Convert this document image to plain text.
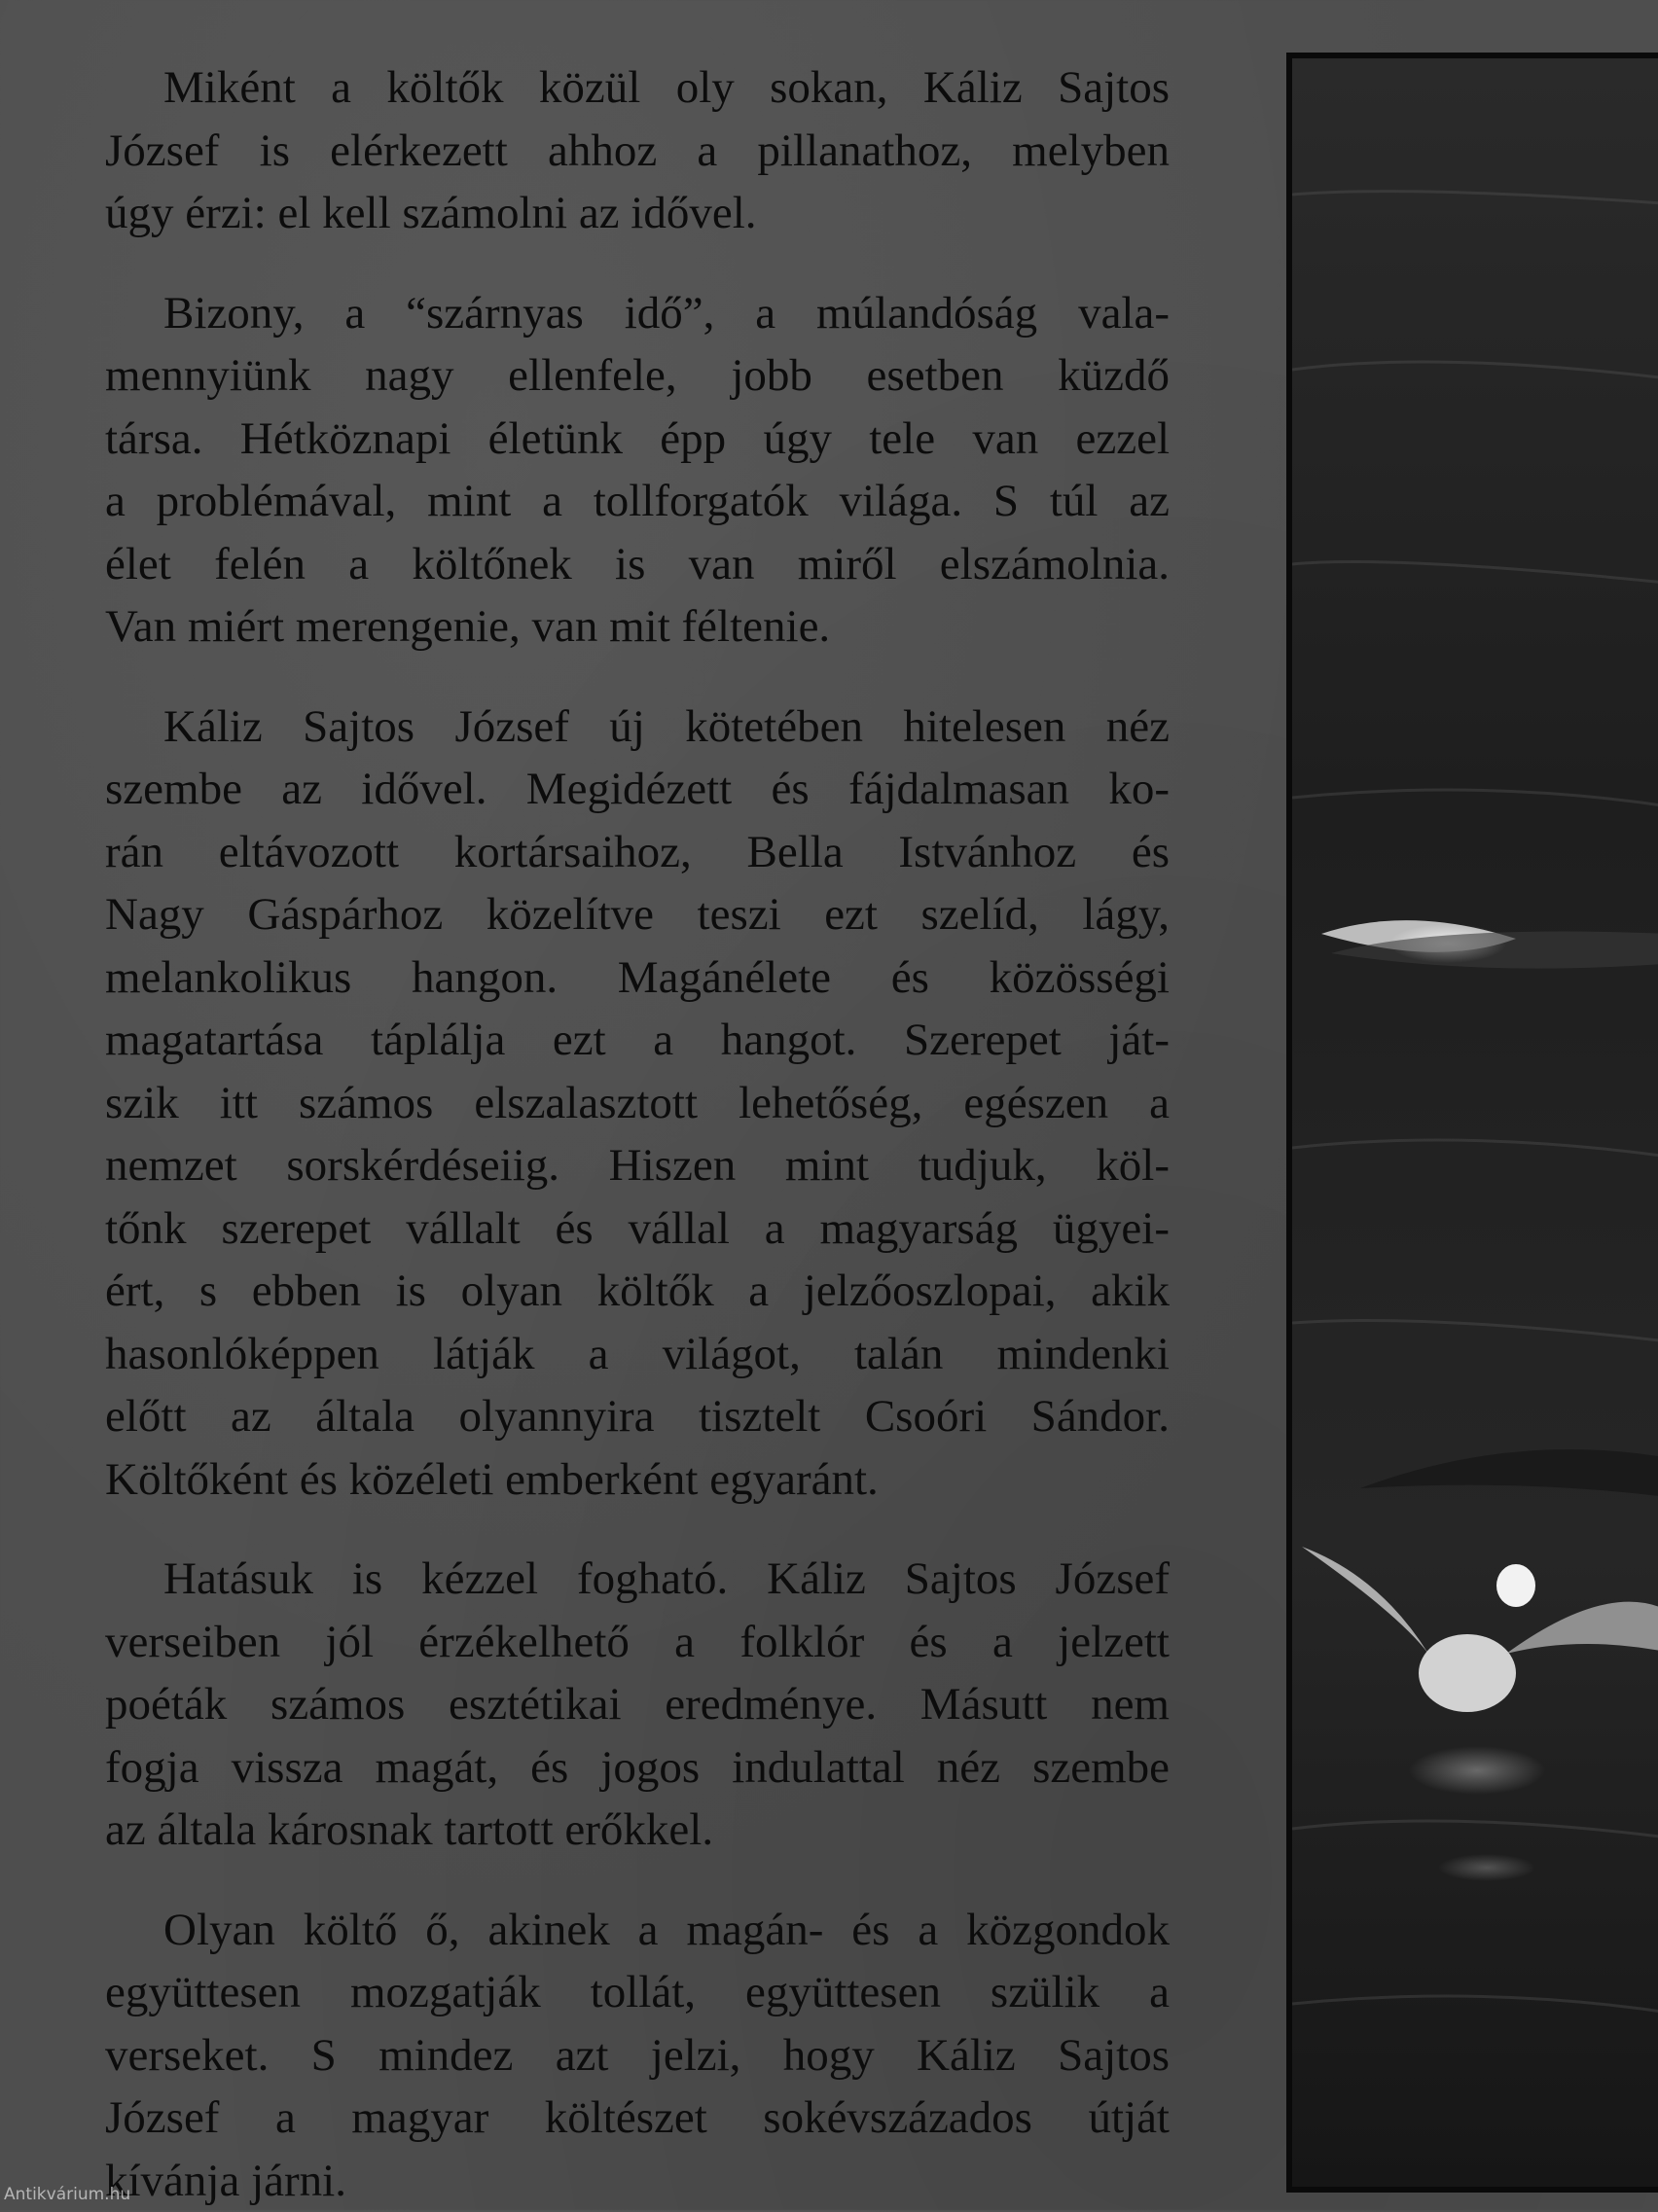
Miként a költők közül oly sokan, Káliz Sajtos
József is elérkezett ahhoz a pillanathoz, melyben
úgy érzi: el kell számolni az idővel.
Bizony, a “szárnyas idő”, a múlandóság vala-
mennyiünk nagy ellenfele, jobb esetben küzdő
társa. Hétköznapi életünk épp úgy tele van ezzel
a problémával, mint a tollforgatók világa. S túl az
élet felén a költőnek is van miről elszámolnia.
Van miért merengenie, van mit féltenie.
Káliz Sajtos József új kötetében hitelesen néz
szembe az idővel. Megidézett és fájdalmasan ko-
rán eltávozott kortársaihoz, Bella Istvánhoz és
Nagy Gáspárhoz közelítve teszi ezt szelíd, lágy,
melankolikus hangon. Magánélete és közösségi
magatartása táplálja ezt a hangot. Szerepet ját-
szik itt számos elszalasztott lehetőség, egészen a
nemzet sorskérdéseiig. Hiszen mint tudjuk, köl-
tőnk szerepet vállalt és vállal a magyarság ügyei-
ért, s ebben is olyan költők a jelzőoszlopai, akik
hasonlóképpen látják a világot, talán mindenki
előtt az általa olyannyira tisztelt Csoóri Sándor.
Költőként és közéleti emberként egyaránt.
Hatásuk is kézzel fogható. Káliz Sajtos József
verseiben jól érzékelhető a folklór és a jelzett
poéták számos esztétikai eredménye. Másutt nem
fogja vissza magát, és jogos indulattal néz szembe
az általa károsnak tartott erőkkel.
Olyan költő ő, akinek a magán- és a közgondok
együttesen mozgatják tollát, együttesen szülik a
verseket. S mindez azt jelzi, hogy Káliz Sajtos
József a magyar költészet sokévszázados útját
kívánja járni.
Antikvárium.hu
